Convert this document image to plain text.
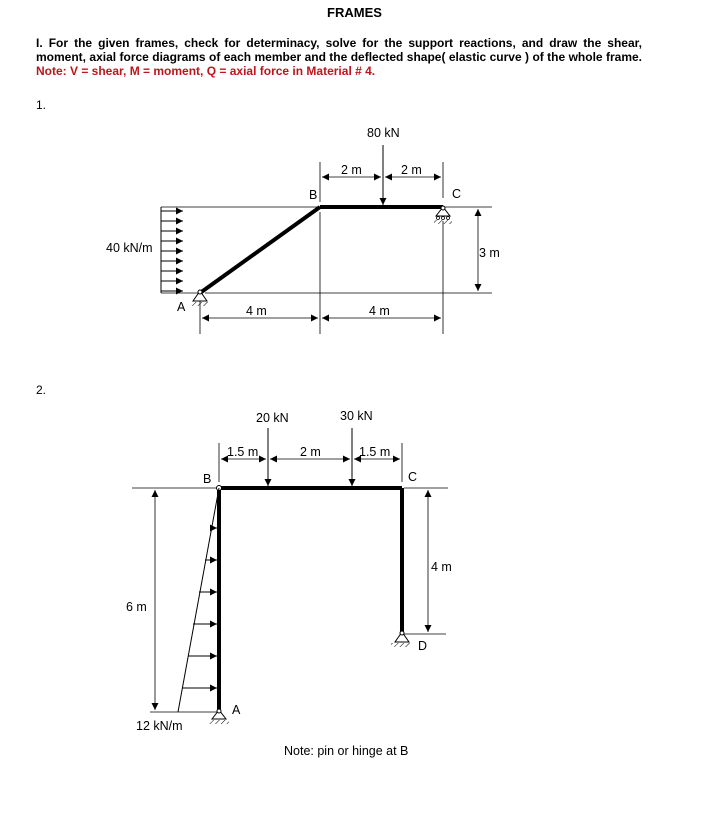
FRAMES
I. For the given frames, check for determinacy, solve for the support reactions, and draw the shear, moment, axial force diagrams of each member and the deflected shape( elastic curve ) of the whole frame. Note: V = shear, M = moment, Q = axial force in Material # 4.
1.
2.
40 kN/m
80 kN
2 m	2 m
3 m
4 m	4 m
A
B	C
12 kN/m
6 m
4 m
20 kN	30 kN
1.5 m	2 m	1.5 m
A
B	C
D
Note: pin or hinge at B
